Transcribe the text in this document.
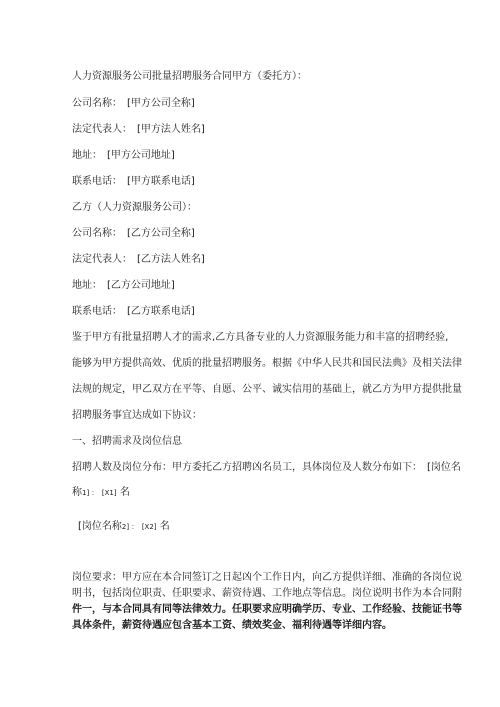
人力资源服务公司批量招聘服务合同甲方（委托方）：
公司名称：　[甲方公司全称]
法定代表人：　[甲方法人姓名]
地址：　[甲方公司地址]
联系电话：　[甲方联系电话]
乙方（人力资源服务公司）：
公司名称：　[乙方公司全称]
法定代表人：　[乙方法人姓名]
地址：　[乙方公司地址]
联系电话：　[乙方联系电话]
鉴于甲方有批量招聘人才的需求,乙方具备专业的人力资源服务能力和丰富的招聘经验,
能够为甲方提供高效、优质的批量招聘服务。根据《中华人民共和国民法典》及相关法律
法规的规定，甲乙双方在平等、自愿、公平、诚实信用的基础上，就乙方为甲方提供批量
招聘服务事宜达成如下协议：
一、招聘需求及岗位信息
招聘人数及岗位分布：甲方委托乙方招聘凶名员工，具体岗位及人数分布如下：　[岗位名
称1] ：　[X1] 名
[岗位名称2] ：　[X2] 名
岗位要求：甲方应在本合同签订之日起凶个工作日内，向乙方提供详细、准确的各岗位说
明书，包括岗位职责、任职要求、薪资待遇、工作地点等信息。岗位说明书作为本合同附
件一，与本合同具有同等法律效力。任职要求应明确学历、专业、工作经验、技能证书等
具体条件，薪资待遇应包含基本工资、绩效奖金、福利待遇等详细内容。
